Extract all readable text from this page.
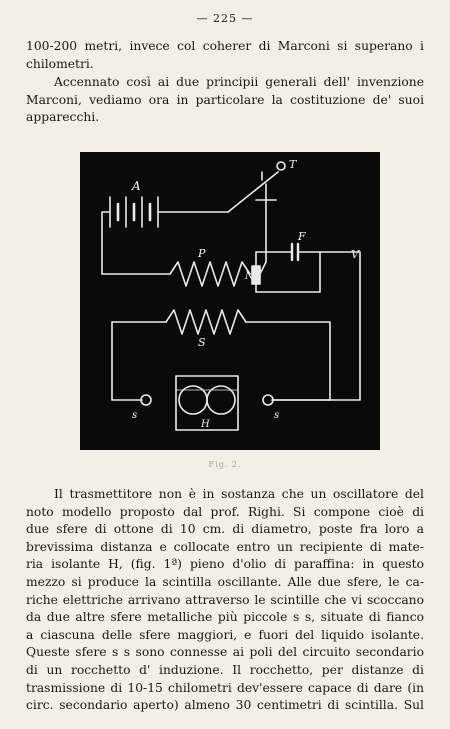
— 225 —

100-200 metri, invece col coherer di Marconi si superano i
chilometri.

Accennato così ai due principii generali dell' invenzione
Marconi, vediamo ora in particolare la costituzione de' suoi
apparecchi.

A
T
P
N
F
V
S
s	s
H
Fig. 2.

Il trasmettitore non è in sostanza che un oscillatore del
noto modello proposto dal prof. Righi. Si compone cioè di
due sfere di ottone di 10 cm. di diametro, poste fra loro a
brevissima distanza e collocate entro un recipiente di mate-
ria isolante H, (fig. 1ª) pieno d'olio di paraffina: in questo
mezzo si produce la scintilla oscillante. Alle due sfere, le ca-
riche elettriche arrivano attraverso le scintille che vi scoccano
da due altre sfere metalliche più piccole s s, situate di fianco
a ciascuna delle sfere maggiori, e fuori del liquido isolante.
Queste sfere s s sono connesse ai poli del circuito secondario
di un rocchetto d' induzione. Il rocchetto, per distanze di
trasmissione di 10-15 chilometri dev'essere capace di dare (in
circ. secondario aperto) almeno 30 centimetri di scintilla. Sul
